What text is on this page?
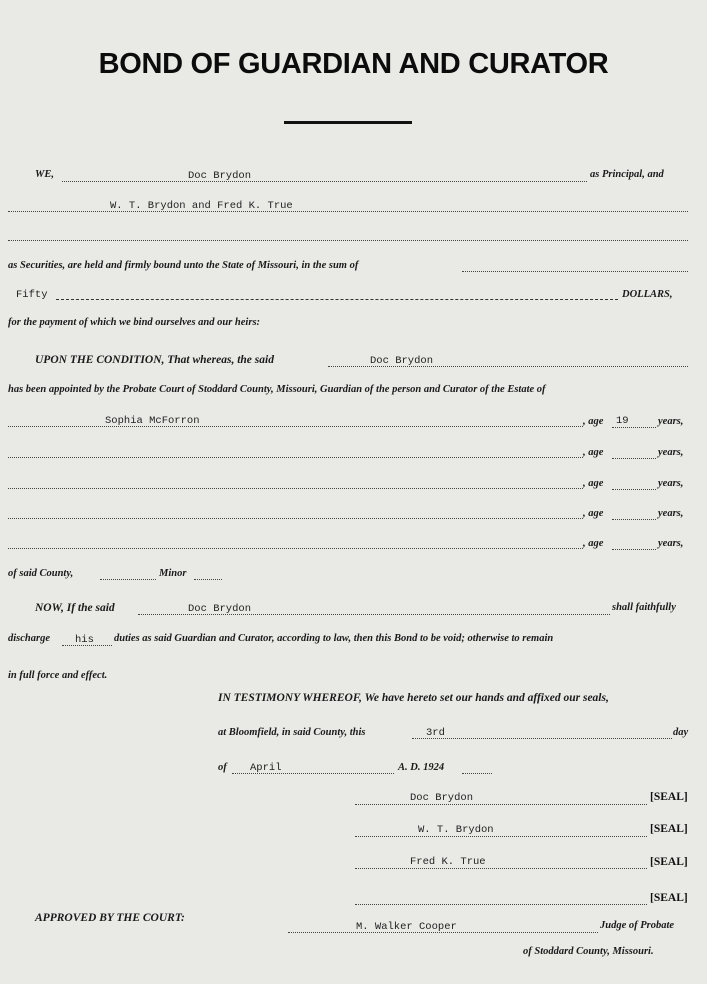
BOND OF GUARDIAN AND CURATOR
WE,	Doc Brydon	as Principal, and
W. T. Brydon and Fred K. True
as Securities, are held and firmly bound unto the State of Missouri, in the sum of
Fifty	DOLLARS,
for the payment of which we bind ourselves and our heirs:
UPON THE CONDITION, That whereas, the said	Doc Brydon
has been appointed by the Probate Court of Stoddard County, Missouri, Guardian of the person and Curator of the Estate of
Sophia McForron	, age 19	years,
, age	years,
, age	years,
, age	years,
, age	years,
of said County,	Minor
NOW, If the said	Doc Brydon	shall faithfully
discharge his duties as said Guardian and Curator, according to law, then this Bond to be void; otherwise to remain
in full force and effect.
IN TESTIMONY WHEREOF, We have hereto set our hands and affixed our seals,
at Bloomfield, in said County, this	3rd	day
of April	A. D. 1924
Doc Brydon	[SEAL]
W. T. Brydon	[SEAL]
Fred K. True	[SEAL]
[SEAL]
APPROVED BY THE COURT:
M. Walker Cooper	Judge of Probate
of Stoddard County, Missouri.
